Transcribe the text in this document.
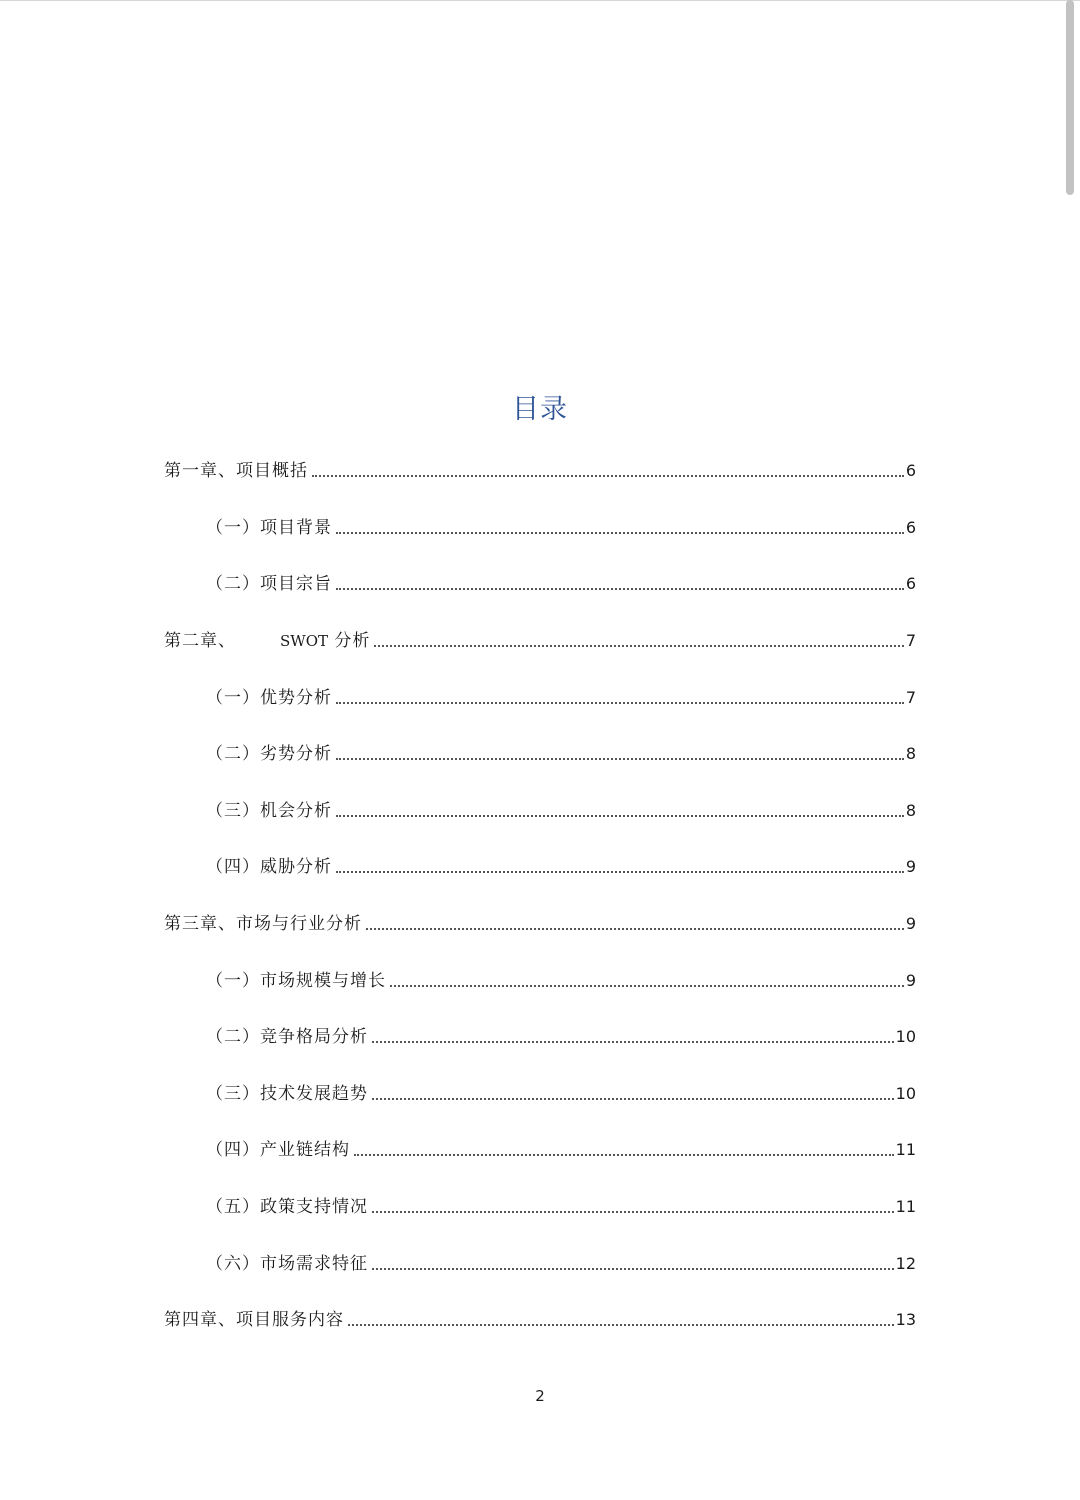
目录
第一章、项目概括	6
（一）项目背景	6
（二）项目宗旨	6
第二章、	SWOT 分析	7
（一）优势分析	7
（二）劣势分析	8
（三）机会分析	8
（四）威胁分析	9
第三章、市场与行业分析	9
（一）市场规模与增长	9
（二）竞争格局分析	10
（三）技术发展趋势	10
（四）产业链结构	11
（五）政策支持情况	11
（六）市场需求特征	12
第四章、项目服务内容	13
2
